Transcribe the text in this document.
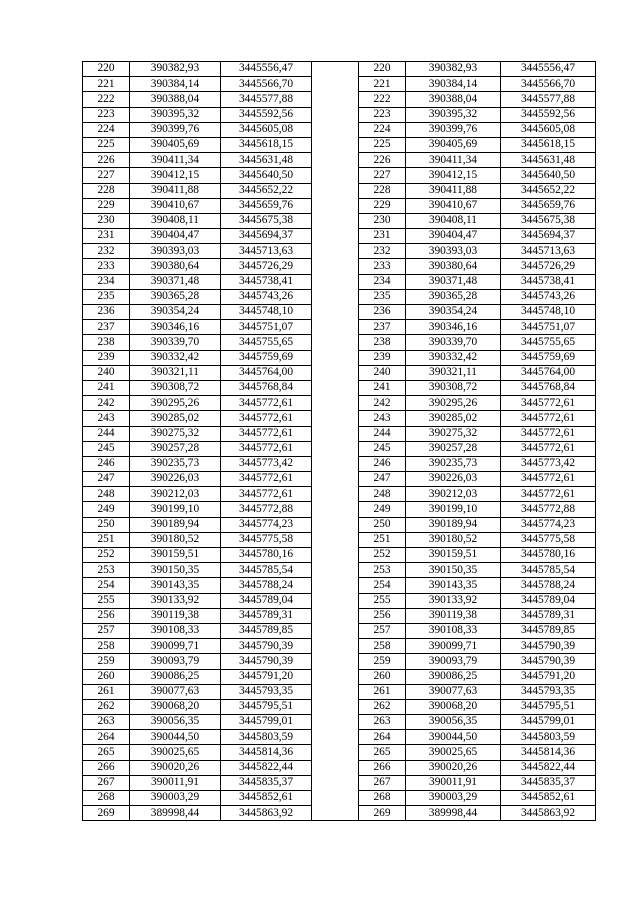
220	390382,93	3445556,47		220	390382,93	3445556,47
221	390384,14	3445566,70		221	390384,14	3445566,70
222	390388,04	3445577,88		222	390388,04	3445577,88
223	390395,32	3445592,56		223	390395,32	3445592,56
224	390399,76	3445605,08		224	390399,76	3445605,08
225	390405,69	3445618,15		225	390405,69	3445618,15
226	390411,34	3445631,48		226	390411,34	3445631,48
227	390412,15	3445640,50		227	390412,15	3445640,50
228	390411,88	3445652,22		228	390411,88	3445652,22
229	390410,67	3445659,76		229	390410,67	3445659,76
230	390408,11	3445675,38		230	390408,11	3445675,38
231	390404,47	3445694,37		231	390404,47	3445694,37
232	390393,03	3445713,63		232	390393,03	3445713,63
233	390380,64	3445726,29		233	390380,64	3445726,29
234	390371,48	3445738,41		234	390371,48	3445738,41
235	390365,28	3445743,26		235	390365,28	3445743,26
236	390354,24	3445748,10		236	390354,24	3445748,10
237	390346,16	3445751,07		237	390346,16	3445751,07
238	390339,70	3445755,65		238	390339,70	3445755,65
239	390332,42	3445759,69		239	390332,42	3445759,69
240	390321,11	3445764,00		240	390321,11	3445764,00
241	390308,72	3445768,84		241	390308,72	3445768,84
242	390295,26	3445772,61		242	390295,26	3445772,61
243	390285,02	3445772,61		243	390285,02	3445772,61
244	390275,32	3445772,61		244	390275,32	3445772,61
245	390257,28	3445772,61		245	390257,28	3445772,61
246	390235,73	3445773,42		246	390235,73	3445773,42
247	390226,03	3445772,61		247	390226,03	3445772,61
248	390212,03	3445772,61		248	390212,03	3445772,61
249	390199,10	3445772,88		249	390199,10	3445772,88
250	390189,94	3445774,23		250	390189,94	3445774,23
251	390180,52	3445775,58		251	390180,52	3445775,58
252	390159,51	3445780,16		252	390159,51	3445780,16
253	390150,35	3445785,54		253	390150,35	3445785,54
254	390143,35	3445788,24		254	390143,35	3445788,24
255	390133,92	3445789,04		255	390133,92	3445789,04
256	390119,38	3445789,31		256	390119,38	3445789,31
257	390108,33	3445789,85		257	390108,33	3445789,85
258	390099,71	3445790,39		258	390099,71	3445790,39
259	390093,79	3445790,39		259	390093,79	3445790,39
260	390086,25	3445791,20		260	390086,25	3445791,20
261	390077,63	3445793,35		261	390077,63	3445793,35
262	390068,20	3445795,51		262	390068,20	3445795,51
263	390056,35	3445799,01		263	390056,35	3445799,01
264	390044,50	3445803,59		264	390044,50	3445803,59
265	390025,65	3445814,36		265	390025,65	3445814,36
266	390020,26	3445822,44		266	390020,26	3445822,44
267	390011,91	3445835,37		267	390011,91	3445835,37
268	390003,29	3445852,61		268	390003,29	3445852,61
269	389998,44	3445863,92		269	389998,44	3445863,92
